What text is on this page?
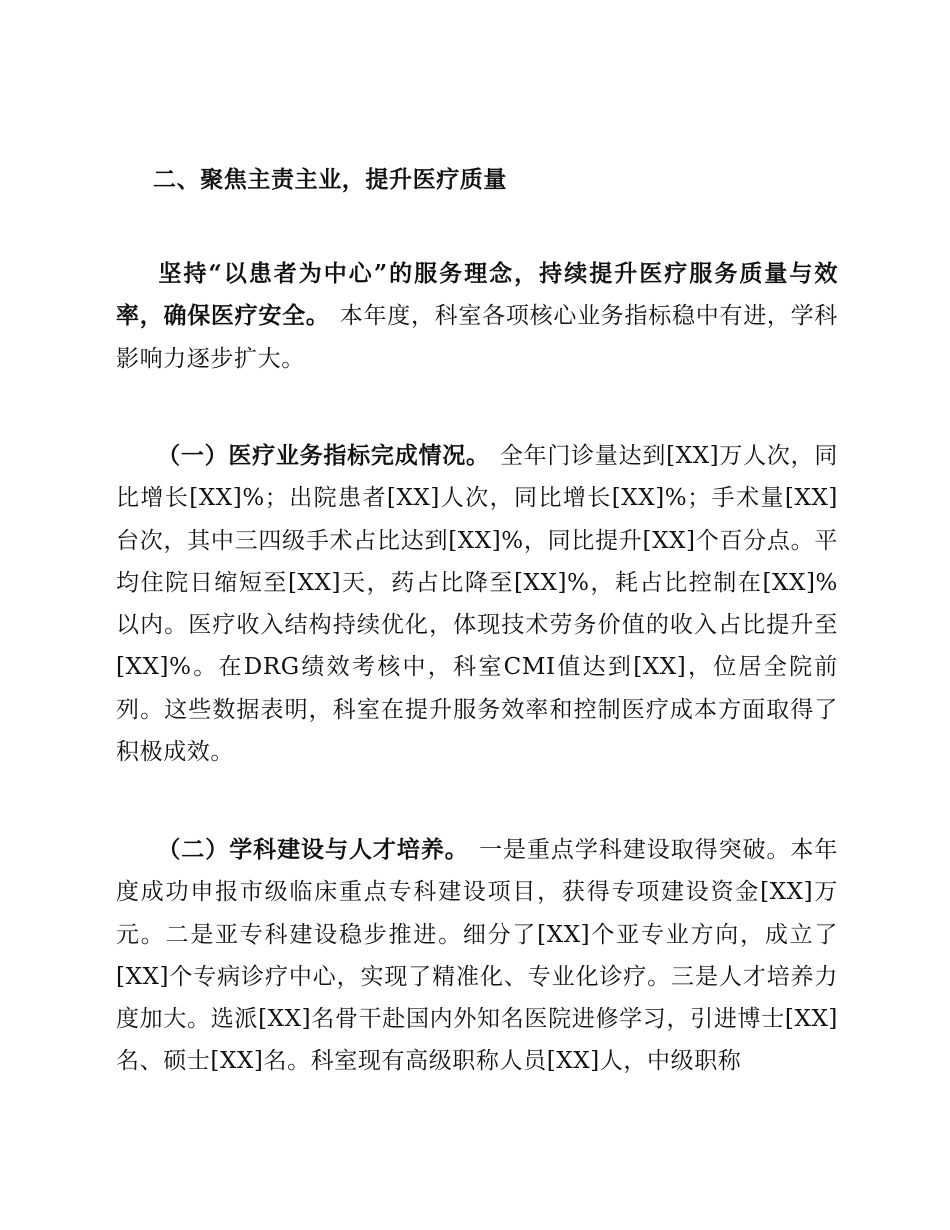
二、聚焦主责主业，提升医疗质量
坚持“以患者为中心”的服务理念，持续提升医疗服务质量与效率，确保医疗安全。 本年度，科室各项核心业务指标稳中有进，学科影响力逐步扩大。
（一）医疗业务指标完成情况。 全年门诊量达到[XX]万人次，同比增长[XX]%；出院患者[XX]人次，同比增长[XX]%；手术量[XX]台次，其中三四级手术占比达到[XX]%，同比提升[XX]个百分点。平均住院日缩短至[XX]天，药占比降至[XX]%，耗占比控制在[XX]%以内。医疗收入结构持续优化，体现技术劳务价值的收入占比提升至[XX]%。在DRG绩效考核中，科室CMI值达到[XX]，位居全院前列。这些数据表明，科室在提升服务效率和控制医疗成本方面取得了积极成效。
（二）学科建设与人才培养。 一是重点学科建设取得突破。本年度成功申报市级临床重点专科建设项目，获得专项建设资金[XX]万元。二是亚专科建设稳步推进。细分了[XX]个亚专业方向，成立了[XX]个专病诊疗中心，实现了精准化、专业化诊疗。三是人才培养力度加大。选派[XX]名骨干赴国内外知名医院进修学习，引进博士[XX]名、硕士[XX]名。科室现有高级职称人员[XX]人，中级职称
